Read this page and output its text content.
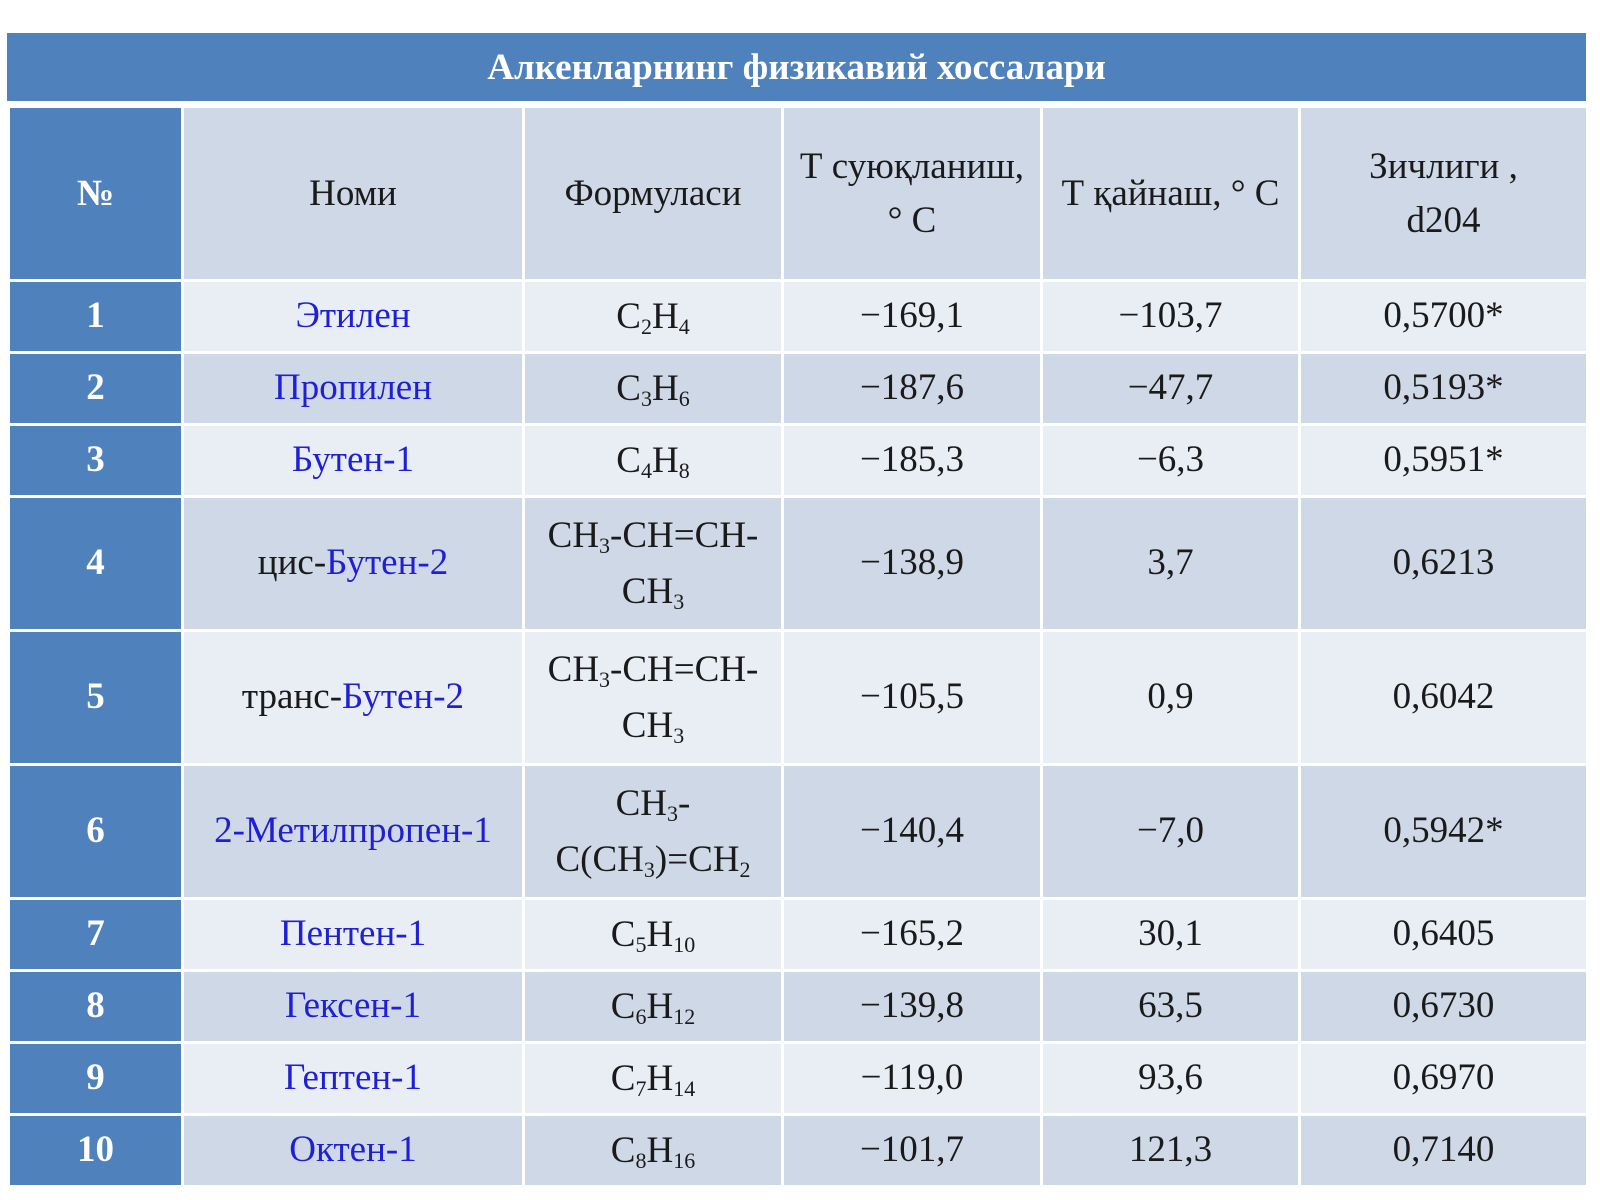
Алкенларнинг физикавий хоссалари
№	Номи	Формуласи	Т суюқланиш, ° С	Т қайнаш, ° С	Зичлиги , d204
1	Этилен	$C_2H_4$	−169,1	−103,7	0,5700*
2	Пропилен	$C_3H_6$	−187,6	−47,7	0,5193*
3	Бутен-1	$C_4H_8$	−185,3	−6,3	0,5951*
4	цис-Бутен-2	$CH_3-CH=CH-$
$CH_3$	−138,9	3,7	0,6213
5	транс-Бутен-2	$CH_3-CH=CH-$
$CH_3$	−105,5	0,9	0,6042
6	2-Метилпропен-1	$CH_3-$
$C(CH_3)=CH_2$	−140,4	−7,0	0,5942*
7	Пентен-1	$C_5H_{10}$	−165,2	30,1	0,6405
8	Гексен-1	$C_6H_{12}$	−139,8	63,5	0,6730
9	Гептен-1	$C_7H_{14}$	−119,0	93,6	0,6970
10	Октен-1	$C_8H_{16}$	−101,7	121,3	0,7140
